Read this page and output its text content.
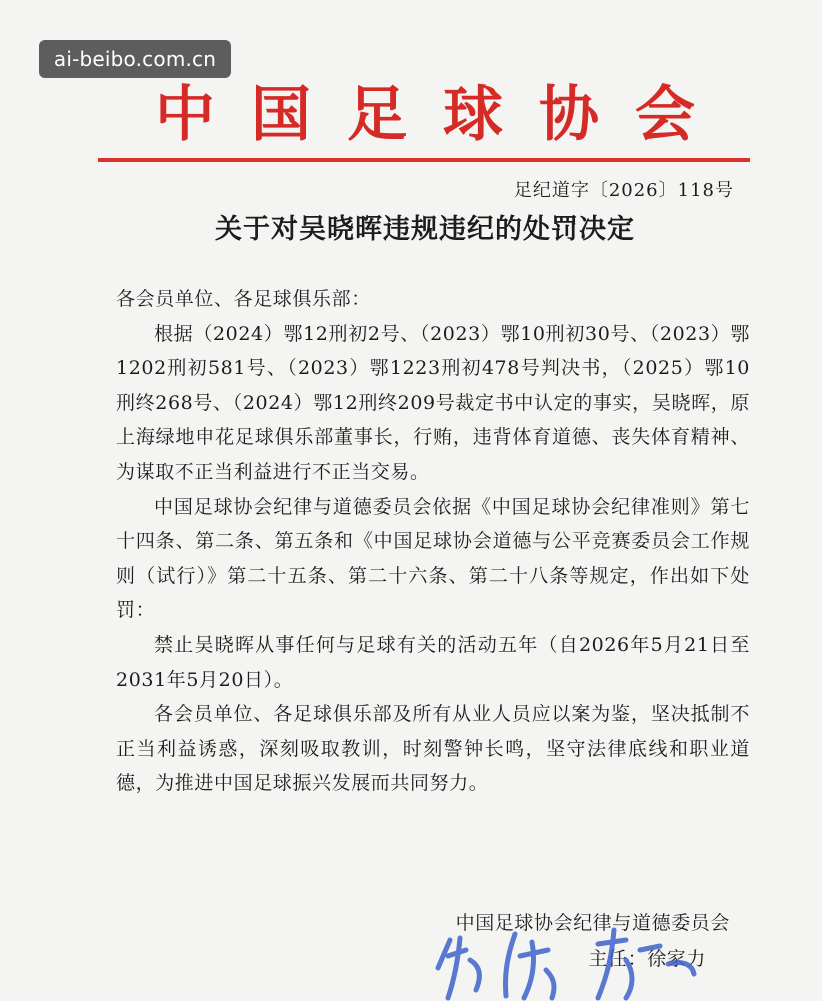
ai-beibo.com.cn
中国足球协会
足纪道字〔2026〕118号
关于对吴晓晖违规违纪的处罚决定

各会员单位、各足球俱乐部：

根据（2024）鄂12刑初2号、（2023）鄂10刑初30号、（2023）鄂1202刑初581号、（2023）鄂1223刑初478号判决书，（2025）鄂10刑终268号、（2024）鄂12刑终209号裁定书中认定的事实，吴晓晖，原上海绿地申花足球俱乐部董事长，行贿，违背体育道德、丧失体育精神、为谋取不正当利益进行不正当交易。

中国足球协会纪律与道德委员会依据《中国足球协会纪律准则》第七十四条、第二条、第五条和《中国足球协会道德与公平竞赛委员会工作规则（试行）》第二十五条、第二十六条、第二十八条等规定，作出如下处罚：

禁止吴晓晖从事任何与足球有关的活动五年（自2026年5月21日至2031年5月20日）。

各会员单位、各足球俱乐部及所有从业人员应以案为鉴，坚决抵制不正当利益诱惑，深刻吸取教训，时刻警钟长鸣，坚守法律底线和职业道德，为推进中国足球振兴发展而共同努力。

中国足球协会纪律与道德委员会
主任：徐家力
